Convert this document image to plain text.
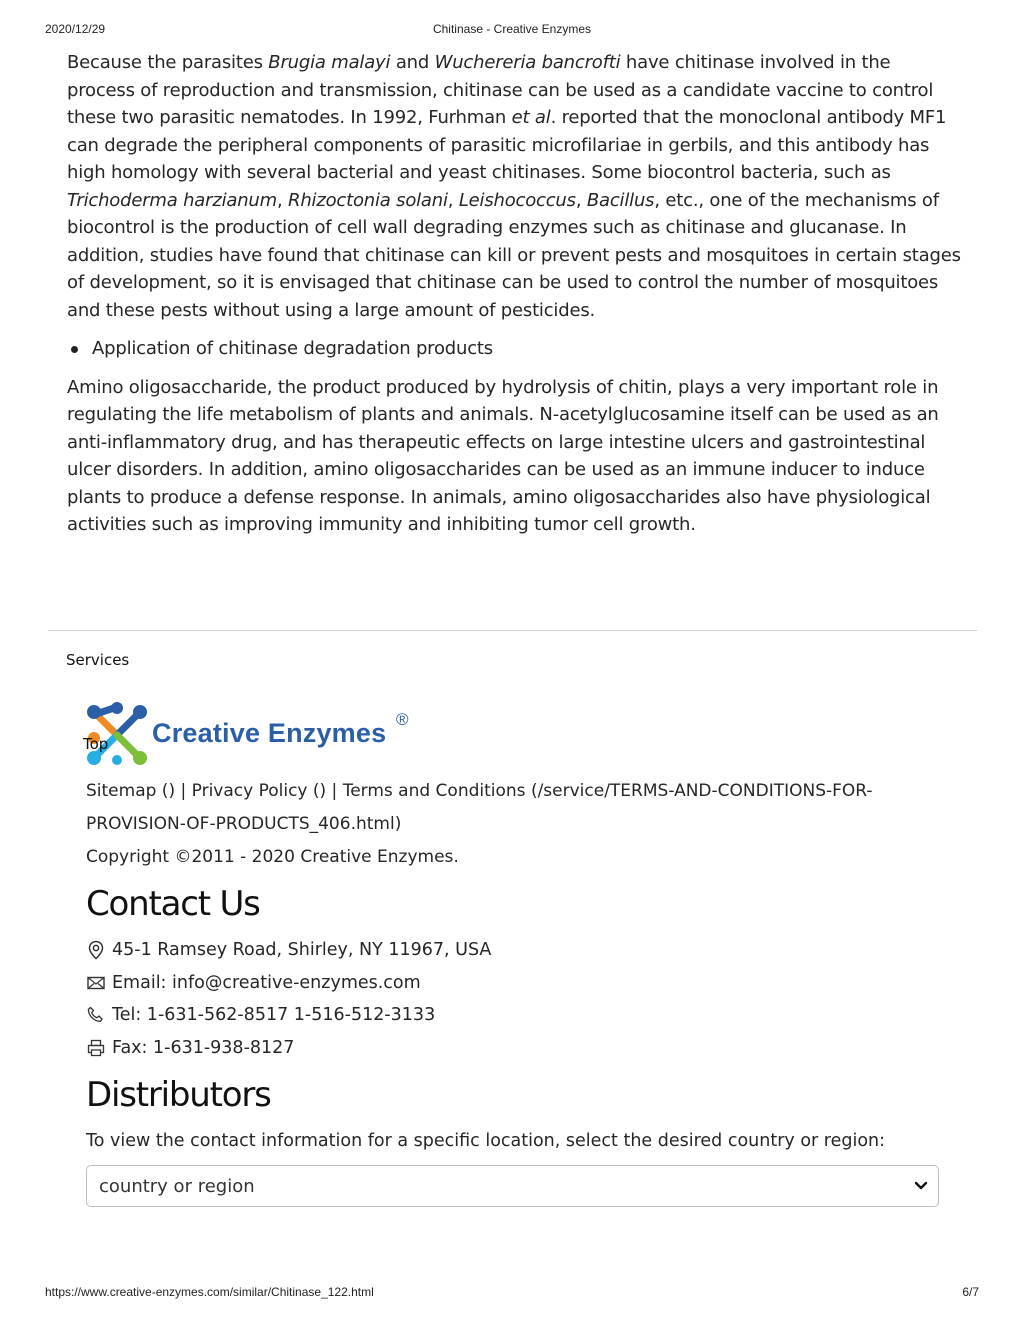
2020/12/29	Chitinase - Creative Enzymes

Because the parasites Brugia malayi and Wuchereria bancrofti have chitinase involved in the process of reproduction and transmission, chitinase can be used as a candidate vaccine to control these two parasitic nematodes. In 1992, Furhman et al. reported that the monoclonal antibody MF1 can degrade the peripheral components of parasitic microfilariae in gerbils, and this antibody has high homology with several bacterial and yeast chitinases. Some biocontrol bacteria, such as Trichoderma harzianum, Rhizoctonia solani, Leishococcus, Bacillus, etc., one of the mechanisms of biocontrol is the production of cell wall degrading enzymes such as chitinase and glucanase. In addition, studies have found that chitinase can kill or prevent pests and mosquitoes in certain stages of development, so it is envisaged that chitinase can be used to control the number of mosquitoes and these pests without using a large amount of pesticides.

Application of chitinase degradation products

Amino oligosaccharide, the product produced by hydrolysis of chitin, plays a very important role in regulating the life metabolism of plants and animals. N-acetylglucosamine itself can be used as an anti-inflammatory drug, and has therapeutic effects on large intestine ulcers and gastrointestinal ulcer disorders. In addition, amino oligosaccharides can be used as an immune inducer to induce plants to produce a defense response. In animals, amino oligosaccharides also have physiological activities such as improving immunity and inhibiting tumor cell growth.

Services
Creative Enzymes ®
Top
Sitemap () | Privacy Policy () | Terms and Conditions (/service/TERMS-AND-CONDITIONS-FOR-PROVISION-OF-PRODUCTS_406.html)
Copyright ©2011 - 2020 Creative Enzymes.
Contact Us
45-1 Ramsey Road, Shirley, NY 11967, USA
Email: info@creative-enzymes.com
Tel: 1-631-562-8517 1-516-512-3133
Fax: 1-631-938-8127
Distributors
To view the contact information for a specific location, select the desired country or region:
country or region
https://www.creative-enzymes.com/similar/Chitinase_122.html	6/7
